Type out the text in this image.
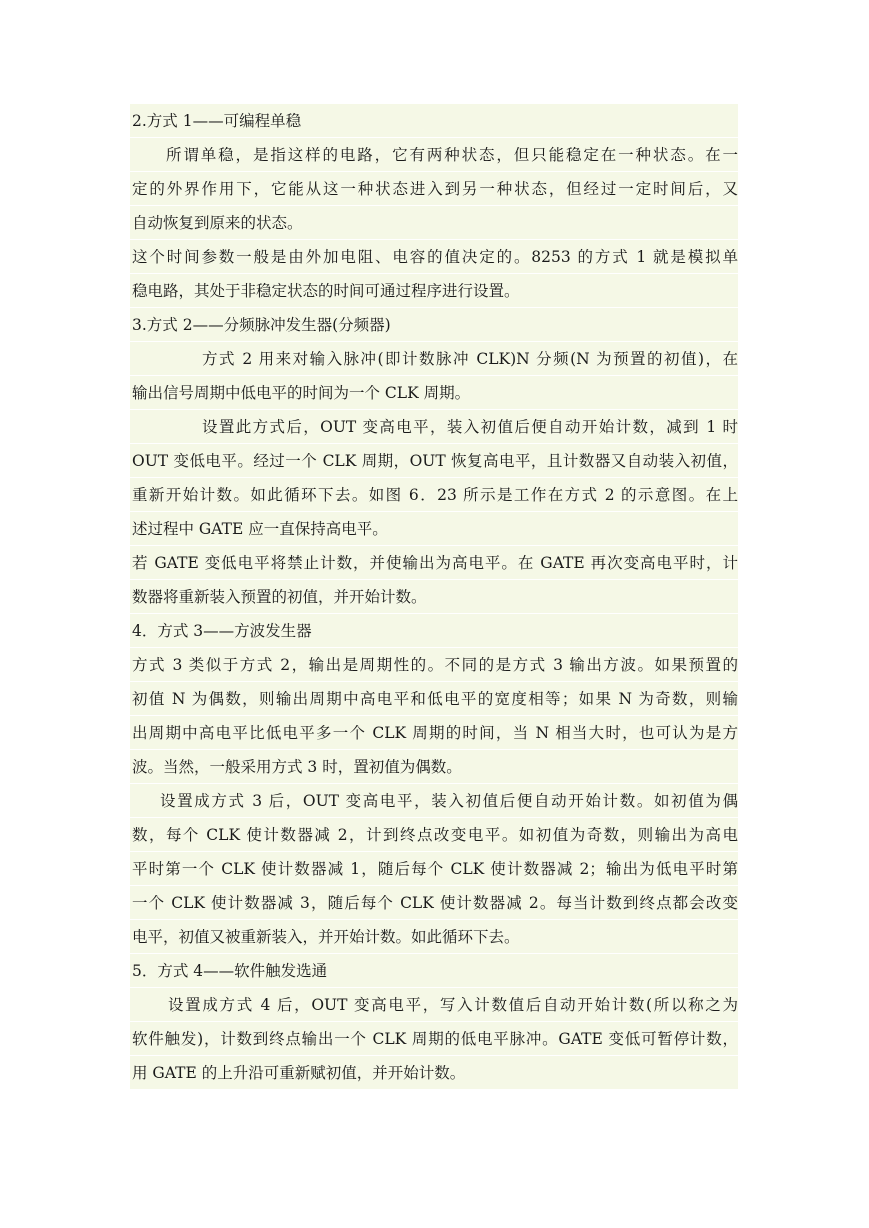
2.方式 1——可编程单稳
所谓单稳，是指这样的电路，它有两种状态，但只能稳定在一种状态。在一
定的外界作用下，它能从这一种状态进入到另一种状态，但经过一定时间后，又
自动恢复到原来的状态。
这个时间参数一般是由外加电阻、电容的值决定的。8253 的方式 1 就是模拟单
稳电路，其处于非稳定状态的时间可通过程序进行设置。
3.方式 2——分频脉冲发生器(分频器)
方式 2 用来对输入脉冲(即计数脉冲 CLK)N 分频(N 为预置的初值)，在
输出信号周期中低电平的时间为一个 CLK 周期。
设置此方式后，OUT 变高电平，装入初值后便自动开始计数，减到 1 时
OUT 变低电平。经过一个 CLK 周期，OUT 恢复高电平，且计数器又自动装入初值，
重新开始计数。如此循环下去。如图 6．23 所示是工作在方式 2 的示意图。在上
述过程中 GATE 应一直保持高电平。
若 GATE 变低电平将禁止计数，并使输出为高电平。在 GATE 再次变高电平时，计
数器将重新装入预置的初值，并开始计数。
4．方式 3——方波发生器
方式 3 类似于方式 2，输出是周期性的。不同的是方式 3 输出方波。如果预置的
初值 N 为偶数，则输出周期中高电平和低电平的宽度相等；如果 N 为奇数，则输
出周期中高电平比低电平多一个 CLK 周期的时间，当 N 相当大时，也可认为是方
波。当然，一般采用方式 3 时，置初值为偶数。
设置成方式 3 后，OUT 变高电平，装入初值后便自动开始计数。如初值为偶
数，每个 CLK 使计数器减 2，计到终点改变电平。如初值为奇数，则输出为高电
平时第一个 CLK 使计数器减 1，随后每个 CLK 使计数器减 2；输出为低电平时第
一个 CLK 使计数器减 3，随后每个 CLK 使计数器减 2。每当计数到终点都会改变
电平，初值又被重新装入，并开始计数。如此循环下去。
5．方式 4——软件触发选通
设置成方式 4 后，OUT 变高电平，写入计数值后自动开始计数(所以称之为
软件触发)，计数到终点输出一个 CLK 周期的低电平脉冲。GATE 变低可暂停计数，
用 GATE 的上升沿可重新赋初值，并开始计数。
